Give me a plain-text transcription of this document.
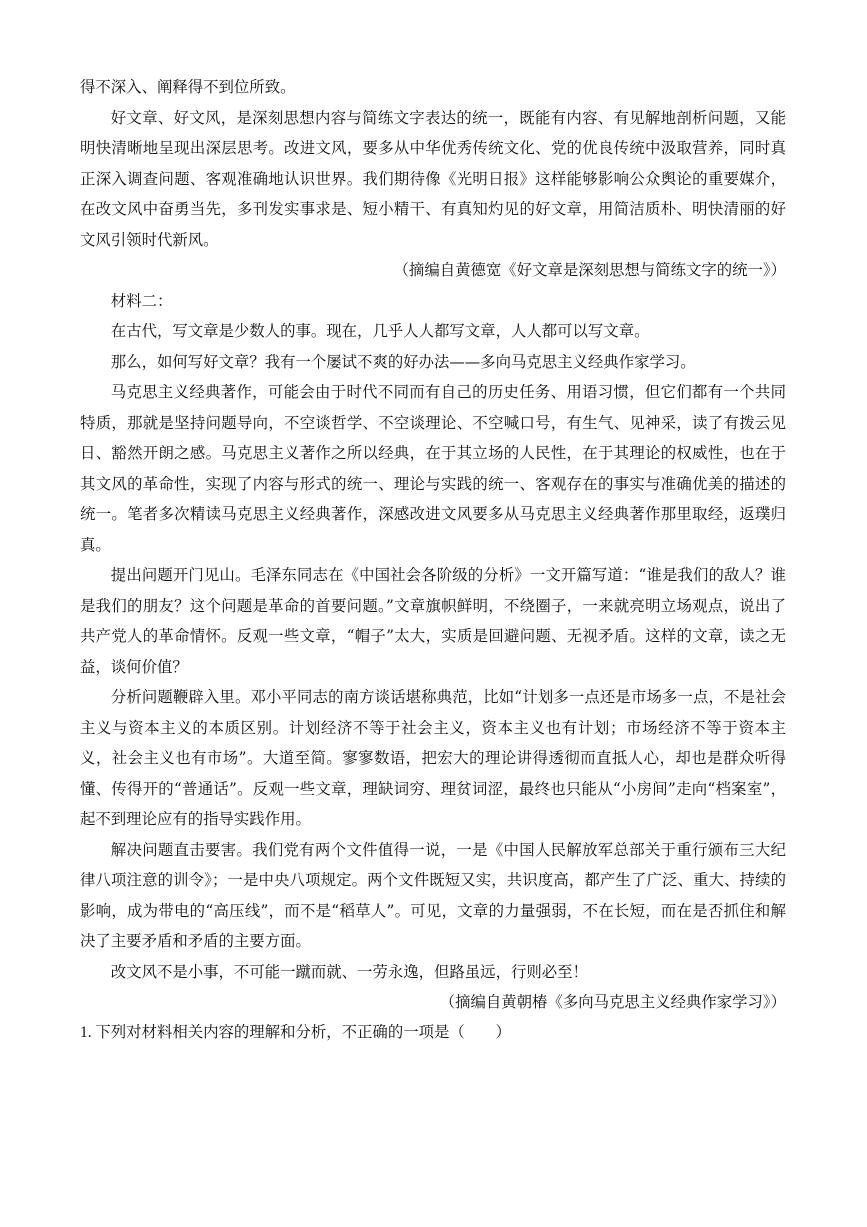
得不深入、阐释得不到位所致。

好文章、好文风，是深刻思想内容与简练文字表达的统一，既能有内容、有见解地剖析问题，又能明快清晰地呈现出深层思考。改进文风，要多从中华优秀传统文化、党的优良传统中汲取营养，同时真正深入调查问题、客观准确地认识世界。我们期待像《光明日报》这样能够影响公众舆论的重要媒介，在改文风中奋勇当先，多刊发实事求是、短小精干、有真知灼见的好文章，用简洁质朴、明快清丽的好文风引领时代新风。

（摘编自黄德宽《好文章是深刻思想与简练文字的统一》）

材料二：

在古代，写文章是少数人的事。现在，几乎人人都写文章，人人都可以写文章。

那么，如何写好文章？我有一个屡试不爽的好办法——多向马克思主义经典作家学习。

马克思主义经典著作，可能会由于时代不同而有自己的历史任务、用语习惯，但它们都有一个共同特质，那就是坚持问题导向，不空谈哲学、不空谈理论、不空喊口号，有生气、见神采，读了有拨云见日、豁然开朗之感。马克思主义著作之所以经典，在于其立场的人民性，在于其理论的权威性，也在于其文风的革命性，实现了内容与形式的统一、理论与实践的统一、客观存在的事实与准确优美的描述的统一。笔者多次精读马克思主义经典著作，深感改进文风要多从马克思主义经典著作那里取经，返璞归真。

提出问题开门见山。毛泽东同志在《中国社会各阶级的分析》一文开篇写道：“谁是我们的敌人？谁是我们的朋友？这个问题是革命的首要问题。”文章旗帜鲜明，不绕圈子，一来就亮明立场观点，说出了共产党人的革命情怀。反观一些文章，“帽子”太大，实质是回避问题、无视矛盾。这样的文章，读之无益，谈何价值？

分析问题鞭辟入里。邓小平同志的南方谈话堪称典范，比如“计划多一点还是市场多一点，不是社会主义与资本主义的本质区别。计划经济不等于社会主义，资本主义也有计划；市场经济不等于资本主义，社会主义也有市场”。大道至简。寥寥数语，把宏大的理论讲得透彻而直抵人心，却也是群众听得懂、传得开的“普通话”。反观一些文章，理缺词穷、理贫词涩，最终也只能从“小房间”走向“档案室”，起不到理论应有的指导实践作用。

解决问题直击要害。我们党有两个文件值得一说，一是《中国人民解放军总部关于重行颁布三大纪律八项注意的训令》；一是中央八项规定。两个文件既短又实，共识度高，都产生了广泛、重大、持续的影响，成为带电的“高压线”，而不是“稻草人”。可见，文章的力量强弱，不在长短，而在是否抓住和解决了主要矛盾和矛盾的主要方面。

改文风不是小事，不可能一蹴而就、一劳永逸，但路虽远，行则必至！

（摘编自黄朝椿《多向马克思主义经典作家学习》）

1. 下列对材料相关内容的理解和分析，不正确的一项是（　　）
